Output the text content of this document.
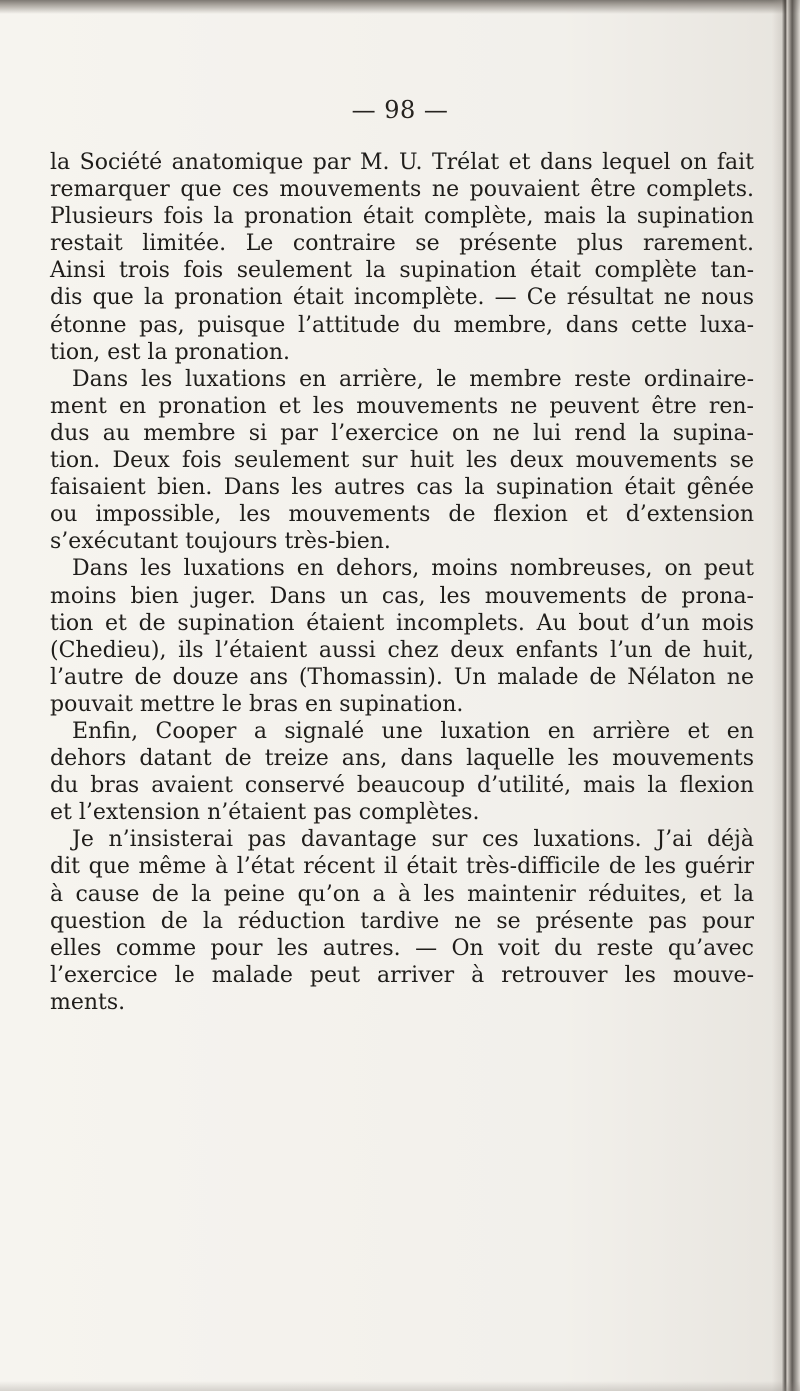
— 98 —
la Société anatomique par M. U. Trélat et dans lequel on fait
remarquer que ces mouvements ne pouvaient être complets.
Plusieurs fois la pronation était complète, mais la supination
restait limitée. Le contraire se présente plus rarement.
Ainsi trois fois seulement la supination était complète tan-
dis que la pronation était incomplète. — Ce résultat ne nous
étonne pas, puisque l’attitude du membre, dans cette luxa-
tion, est la pronation.
Dans les luxations en arrière, le membre reste ordinaire-
ment en pronation et les mouvements ne peuvent être ren-
dus au membre si par l’exercice on ne lui rend la supina-
tion. Deux fois seulement sur huit les deux mouvements se
faisaient bien. Dans les autres cas la supination était gênée
ou impossible, les mouvements de flexion et d’extension
s’exécutant toujours très-bien.
Dans les luxations en dehors, moins nombreuses, on peut
moins bien juger. Dans un cas, les mouvements de prona-
tion et de supination étaient incomplets. Au bout d’un mois
(Chedieu), ils l’étaient aussi chez deux enfants l’un de huit,
l’autre de douze ans (Thomassin). Un malade de Nélaton ne
pouvait mettre le bras en supination.
Enfin, Cooper a signalé une luxation en arrière et en
dehors datant de treize ans, dans laquelle les mouvements
du bras avaient conservé beaucoup d’utilité, mais la flexion
et l’extension n’étaient pas complètes.
Je n’insisterai pas davantage sur ces luxations. J’ai déjà
dit que même à l’état récent il était très-difficile de les guérir
à cause de la peine qu’on a à les maintenir réduites, et la
question de la réduction tardive ne se présente pas pour
elles comme pour les autres. — On voit du reste qu’avec
l’exercice le malade peut arriver à retrouver les mouve-
ments.
